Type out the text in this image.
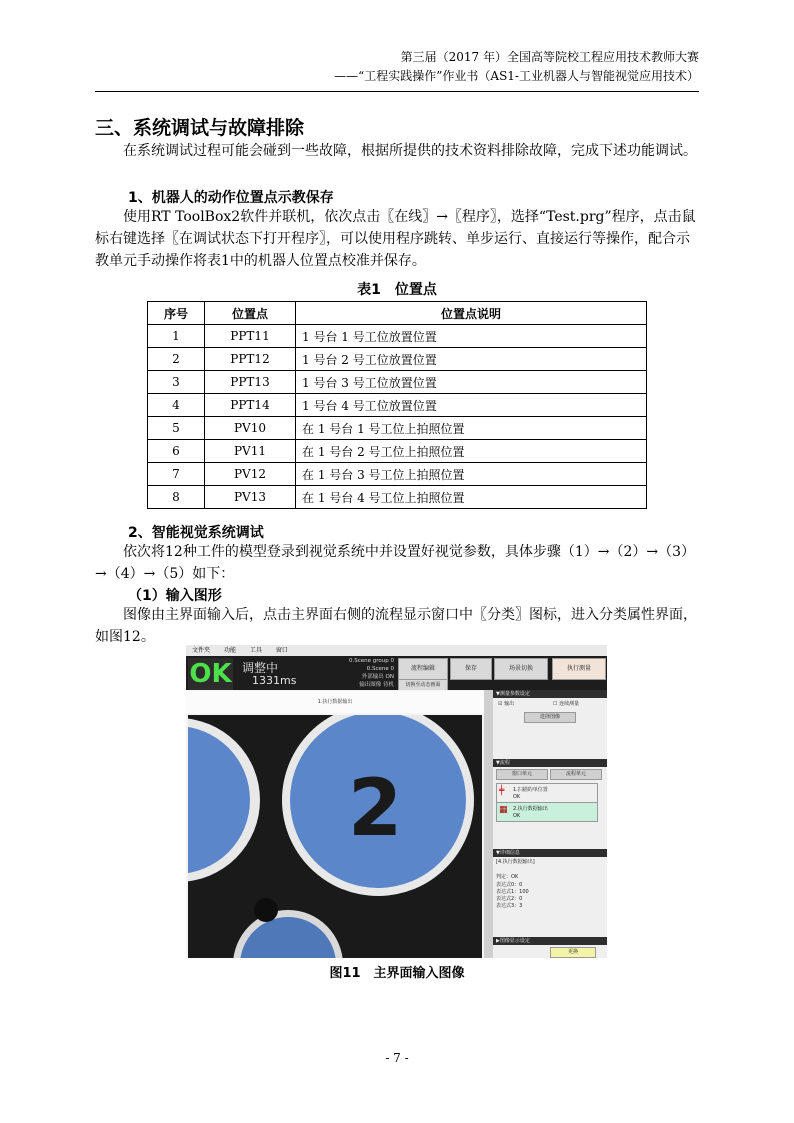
第三届（2017 年）全国高等院校工程应用技术教师大赛
——“工程实践操作”作业书（AS1-工业机器人与智能视觉应用技术）
三、系统调试与故障排除
在系统调试过程可能会碰到一些故障，根据所提供的技术资料排除故障，完成下述功能调试。
1、机器人的动作位置点示教保存
使用RT ToolBox2软件并联机，依次点击〖在线〗→〖程序〗，选择“Test.prg”程序，点击鼠标右键选择〖在调试状态下打开程序〗，可以使用程序跳转、单步运行、直接运行等操作，配合示教单元手动操作将表1中的机器人位置点校准并保存。
表1　位置点
序号	位置点	位置点说明
1	PPT11	1 号台 1 号工位放置位置
2	PPT12	1 号台 2 号工位放置位置
3	PPT13	1 号台 3 号工位放置位置
4	PPT14	1 号台 4 号工位放置位置
5	PV10	在 1 号台 1 号工位上拍照位置
6	PV11	在 1 号台 2 号工位上拍照位置
7	PV12	在 1 号台 3 号工位上拍照位置
8	PV13	在 1 号台 4 号工位上拍照位置
2、智能视觉系统调试
依次将12种工件的模型登录到视觉系统中并设置好视觉参数，具体步骤（1）→（2）→（3）→（4）→（5）如下：
（1）输入图形
图像由主界面输入后，点击主界面右侧的流程显示窗口中〖分类〗图标，进入分类属性界面，如图12。
文件夹 功能 工具 窗口
OK 调整中
1331ms
0.Scene group 0
0.Scene 0
外部输出 ON
输出图像 待机
流程编辑	保存	场景切换	执行测量
切换至动态画面
1.执行数据输出
2
▼测量参数设定
☑ 输出	☐ 连续测量
选择图像
▼流程
窗口单元	流程单元
╪ 1.扫描的单位置
OK
▦ 2.执行数据输出
OK
▼详细信息
[4.执行数据输出]
判定：OK
表达式0：0
表达式1：100
表达式2：0
表达式3：3
▶图像显示设定
更换
图11　主界面输入图像
- 7 -
